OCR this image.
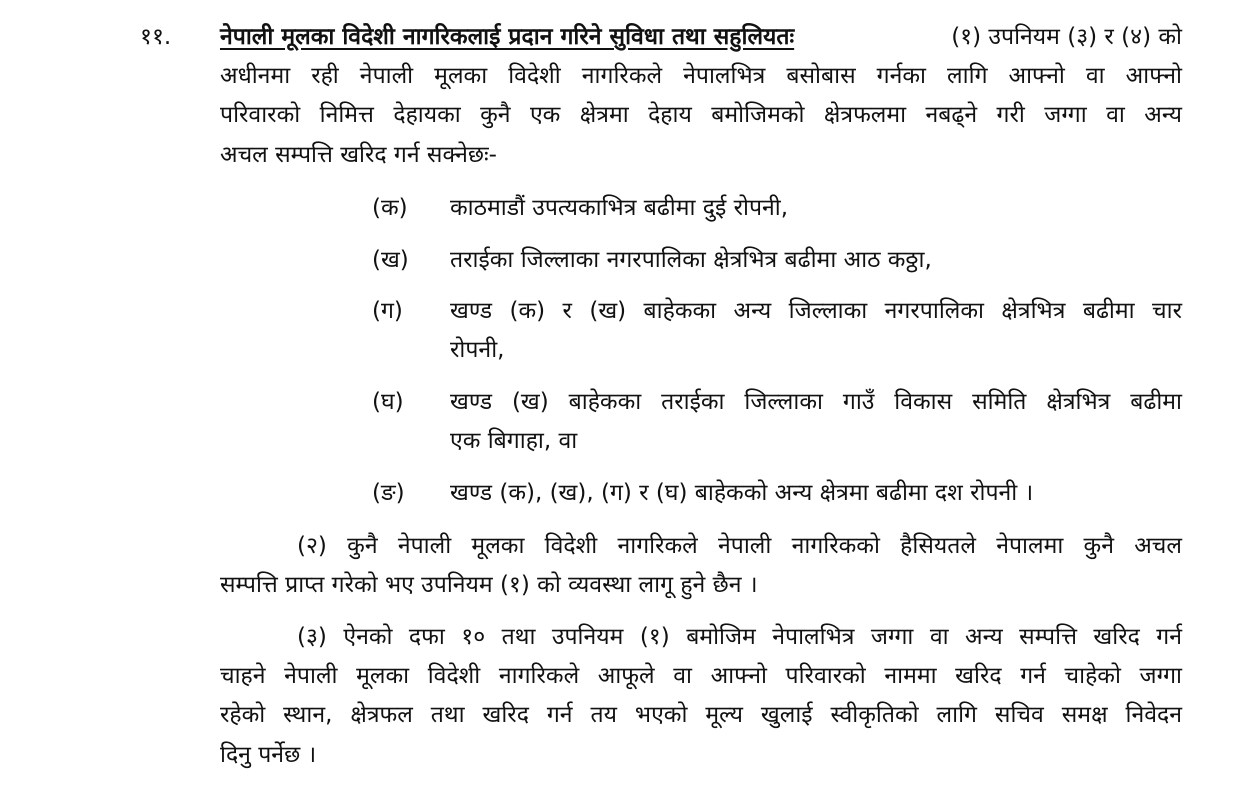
११. नेपाली मूलका विदेशी नागरिकलाई प्रदान गरिने सुविधा तथा सहुलियतः	(१) उपनियम (३) र (४) को
अधीनमा रही नेपाली मूलका विदेशी नागरिकले नेपालभित्र बसोबास गर्नका लागि आफ्नो वा आफ्नो
परिवारको निमित्त देहायका कुनै एक क्षेत्रमा देहाय बमोजिमको क्षेत्रफलमा नबढ्ने गरी जग्गा वा अन्य
अचल सम्पत्ति खरिद गर्न सक्नेछः-
(क) काठमाडौं उपत्यकाभित्र बढीमा दुई रोपनी,
(ख) तराईका जिल्लाका नगरपालिका क्षेत्रभित्र बढीमा आठ कठ्ठा,
(ग) खण्ड (क) र (ख) बाहेकका अन्य जिल्लाका नगरपालिका क्षेत्रभित्र बढीमा चार
रोपनी,
(घ) खण्ड (ख) बाहेकका तराईका जिल्लाका गाउँ विकास समिति क्षेत्रभित्र बढीमा
एक बिगाहा, वा
(ङ) खण्ड (क), (ख), (ग) र (घ) बाहेकको अन्य क्षेत्रमा बढीमा दश रोपनी ।
(२) कुनै नेपाली मूलका विदेशी नागरिकले नेपाली नागरिकको हैसियतले नेपालमा कुनै अचल
सम्पत्ति प्राप्त गरेको भए उपनियम (१) को व्यवस्था लागू हुने छैन ।
(३) ऐनको दफा १० तथा उपनियम (१) बमोजिम नेपालभित्र जग्गा वा अन्य सम्पत्ति खरिद गर्न
चाहने नेपाली मूलका विदेशी नागरिकले आफूले वा आफ्नो परिवारको नाममा खरिद गर्न चाहेको जग्गा
रहेको स्थान, क्षेत्रफल तथा खरिद गर्न तय भएको मूल्य खुलाई स्वीकृतिको लागि सचिव समक्ष निवेदन
दिनु पर्नेछ ।
